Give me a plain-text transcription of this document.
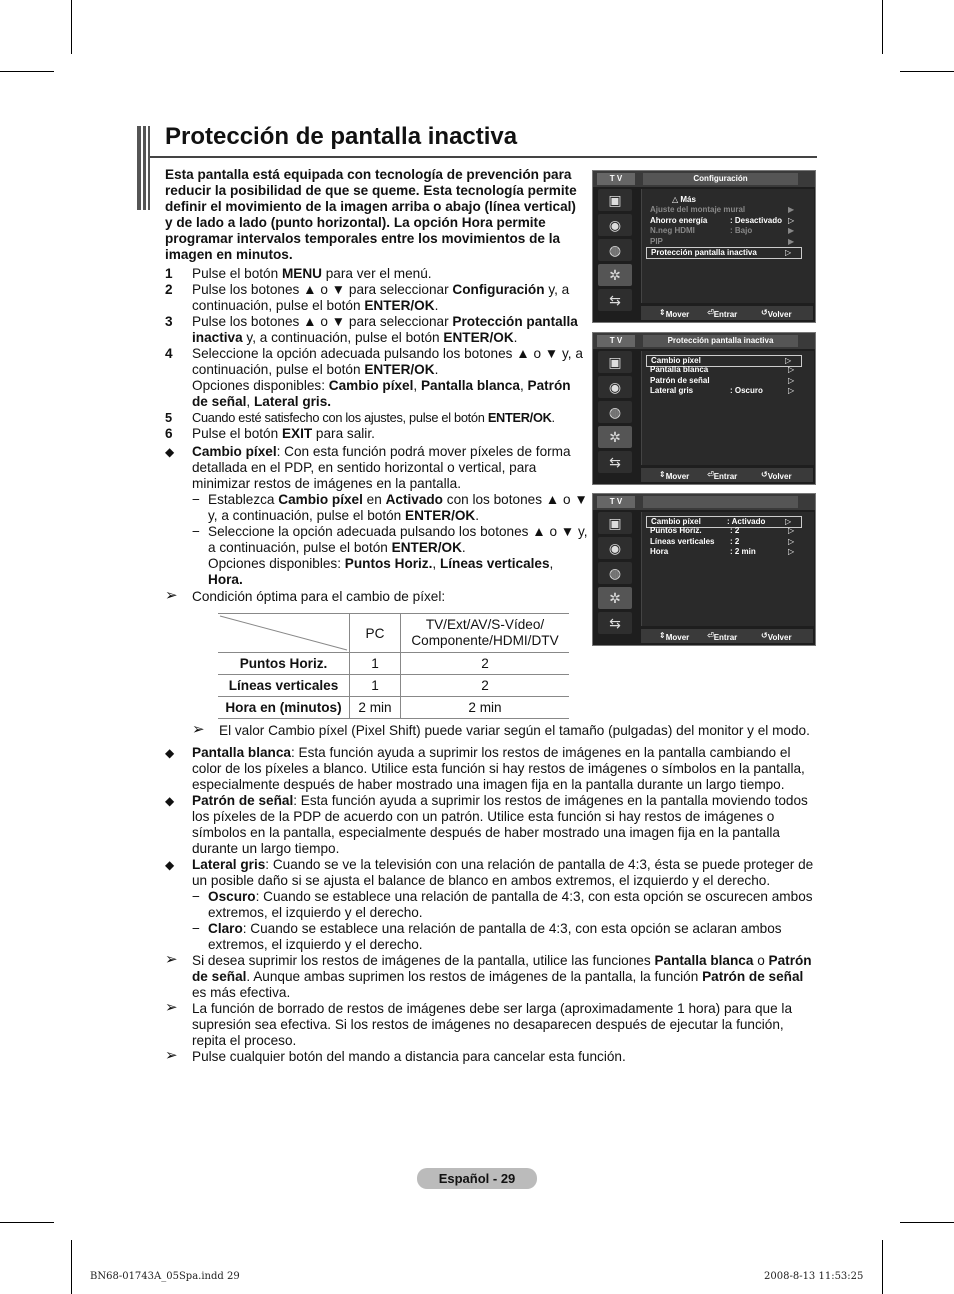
Protección de pantalla inactiva
Esta pantalla está equipada con tecnología de prevención para reducir la posibilidad de que se queme. Esta tecnología permite definir el movimiento de la imagen arriba o abajo (línea vertical) y de lado a lado (punto horizontal). La opción Hora permite programar intervalos temporales entre los movimientos de la imagen en minutos.
1 Pulse el botón MENU para ver el menú.
2 Pulse los botones ▲ o ▼ para seleccionar Configuración y, a continuación, pulse el botón ENTER/OK.
3 Pulse los botones ▲ o ▼ para seleccionar Protección pantalla inactiva y, a continuación, pulse el botón ENTER/OK.
4 Seleccione la opción adecuada pulsando los botones ▲ o ▼ y, a continuación, pulse el botón ENTER/OK.
Opciones disponibles: Cambio píxel, Pantalla blanca, Patrón de señal, Lateral gris.
5 Cuando esté satisfecho con los ajustes, pulse el botón ENTER/OK.
6 Pulse el botón EXIT para salir.
◆ Cambio píxel: Con esta función podrá mover píxeles de forma detallada en el PDP, en sentido horizontal o vertical, para minimizar restos de imágenes en la pantalla.
− Establezca Cambio píxel en Activado con los botones ▲ o ▼ y, a continuación, pulse el botón ENTER/OK.
− Seleccione la opción adecuada pulsando los botones ▲ o ▼ y, a continuación, pulse el botón ENTER/OK.
Opciones disponibles: Puntos Horiz., Líneas verticales, Hora.
➢ Condición óptima para el cambio de píxel:
	PC	TV/Ext/AV/S-Vídeo/ Componente/HDMI/DTV
Puntos Horiz.	1	2
Líneas verticales	1	2
Hora en (minutos)	2 min	2 min
➢ El valor Cambio píxel (Pixel Shift) puede variar según el tamaño (pulgadas) del monitor y el modo.
◆ Pantalla blanca: Esta función ayuda a suprimir los restos de imágenes en la pantalla cambiando el color de los píxeles a blanco. Utilice esta función si hay restos de imágenes o símbolos en la pantalla, especialmente después de haber mostrado una imagen fija en la pantalla durante un largo tiempo.
◆ Patrón de señal: Esta función ayuda a suprimir los restos de imágenes en la pantalla moviendo todos los píxeles de la PDP de acuerdo con un patrón. Utilice esta función si hay restos de imágenes o símbolos en la pantalla, especialmente después de haber mostrado una imagen fija en la pantalla durante un largo tiempo.
◆ Lateral gris: Cuando se ve la televisión con una relación de pantalla de 4:3, ésta se puede proteger de un posible daño si se ajusta el balance de blanco en ambos extremos, el izquierdo y el derecho.
− Oscuro: Cuando se establece una relación de pantalla de 4:3, con esta opción se oscurecen ambos extremos, el izquierdo y el derecho.
− Claro: Cuando se establece una relación de pantalla de 4:3, con esta opción se aclaran ambos extremos, el izquierdo y el derecho.
➢ Si desea suprimir los restos de imágenes de la pantalla, utilice las funciones Pantalla blanca o Patrón de señal. Aunque ambas suprimen los restos de imágenes de la pantalla, la función Patrón de señal es más efectiva.
➢ La función de borrado de restos de imágenes debe ser larga (aproximadamente 1 hora) para que la supresión sea efectiva. Si los restos de imágenes no desaparecen después de ejecutar la función, repita el proceso.
➢ Pulse cualquier botón del mando a distancia para cancelar esta función.
T V	Configuración
▣
◉
◍
✲
⇆
△ Más
Ajuste del montaje mural	▶
Ahorro energía	: Desactivado ▷
N.neg HDMI	: Bajo	▶
PIP	▶
Protección pantalla inactiva	▷
⇕ Mover ⏎ Entrar	↺ Volver
T V	Protección pantalla inactiva
▣
◉
◍
✲
⇆
Cambio píxel	▷
Pantalla blanca	▷
Patrón de señal	▷
Lateral gris	: Oscuro	▷
⇕ Mover ⏎ Entrar	↺ Volver
T V
▣
◉
◍
✲
⇆
Cambio píxel	: Activado ▷
Puntos Horiz.	: 2	▷
Líneas verticales : 2	▷
Hora	: 2 min	▷
⇕ Mover ⏎ Entrar	↺ Volver
Español - 29
BN68-01743A_05Spa.indd 29	2008-8-13 11:53:25
